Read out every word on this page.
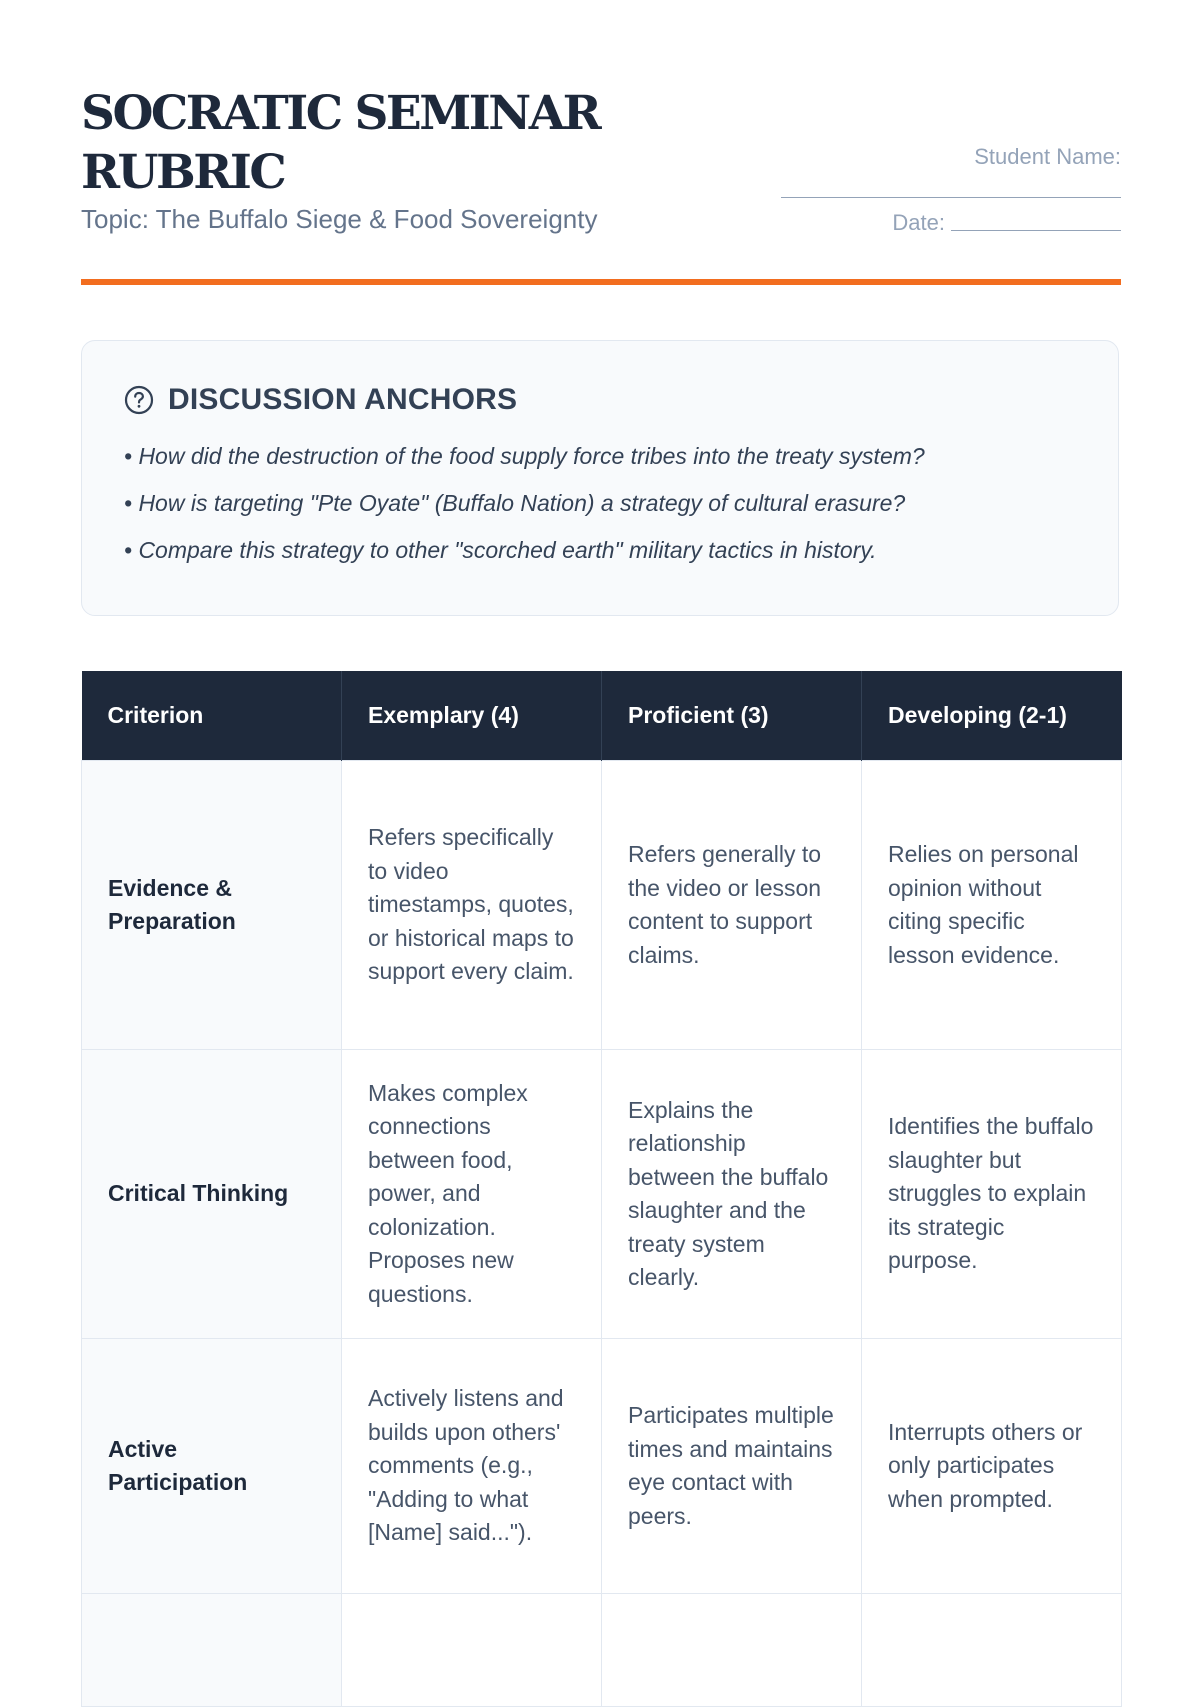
SOCRATIC SEMINAR RUBRIC
Topic: The Buffalo Siege & Food Sovereignty
Student Name:
Date:
DISCUSSION ANCHORS
• How did the destruction of the food supply force tribes into the treaty system?
• How is targeting "Pte Oyate" (Buffalo Nation) a strategy of cultural erasure?
• Compare this strategy to other "scorched earth" military tactics in history.
Criterion	Exemplary (4)	Proficient (3)	Developing (2-1)
Evidence & Preparation	Refers specifically to video timestamps, quotes, or historical maps to support every claim.	Refers generally to the video or lesson content to support claims.	Relies on personal opinion without citing specific lesson evidence.
Critical Thinking	Makes complex connections between food, power, and colonization. Proposes new questions.	Explains the relationship between the buffalo slaughter and the treaty system clearly.	Identifies the buffalo slaughter but struggles to explain its strategic purpose.
Active Participation	Actively listens and builds upon others' comments (e.g., "Adding to what [Name] said...").	Participates multiple times and maintains eye contact with peers.	Interrupts others or only participates when prompted.
